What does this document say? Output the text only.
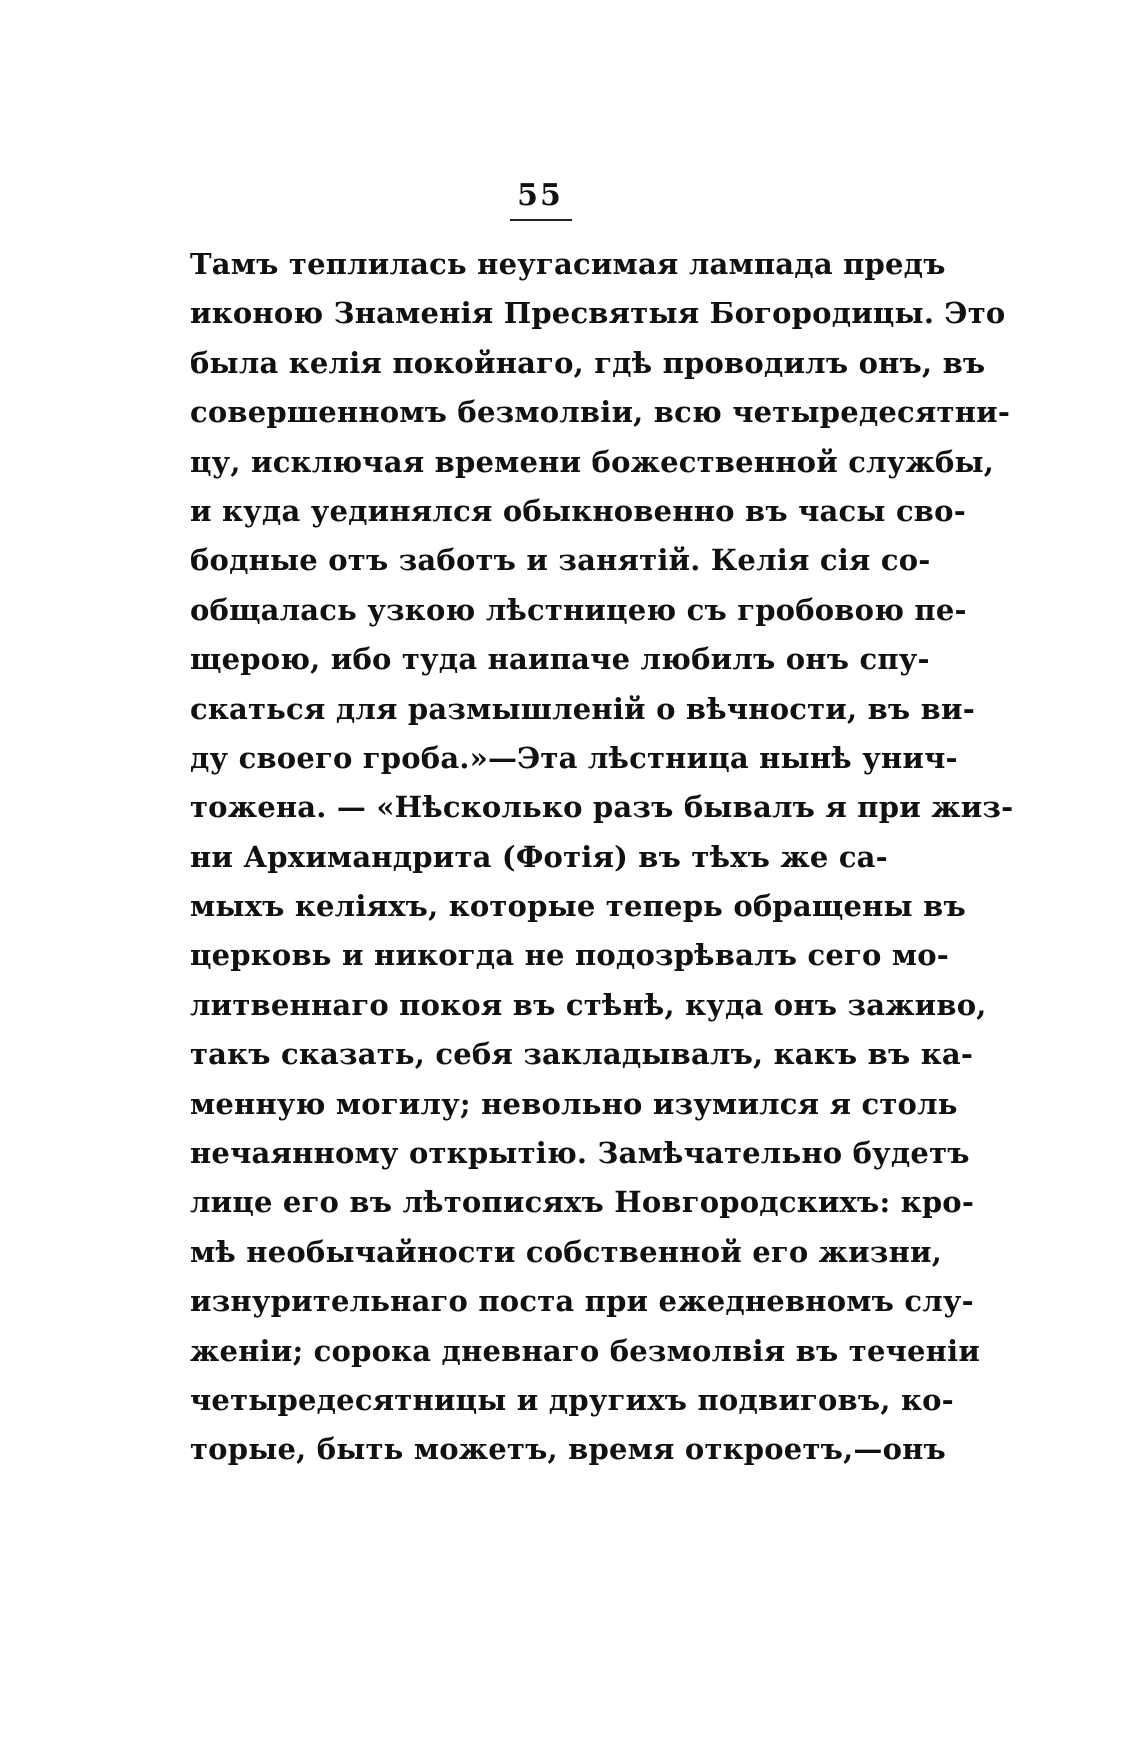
55
Тамъ теплилась неугасимая лампада предъ
иконою Знаменія Пресвятыя Богородицы. Это
была келія покойнаго, гдѣ проводилъ онъ, въ
совершенномъ безмолвіи, всю четыредесятни-
цу, исключая времени божественной службы,
и куда уединялся обыкновенно въ часы сво-
бодные отъ заботъ и занятій. Келія сія со-
общалась узкою лѣстницею съ гробовою пе-
щерою, ибо туда наипаче любилъ онъ спу-
скаться для размышленій о вѣчности, въ ви-
ду своего гроба.»—Эта лѣстница нынѣ унич-
тожена. — «Нѣсколько разъ бывалъ я при жиз-
ни Архимандрита (Фотія) въ тѣхъ же са-
мыхъ келіяхъ, которые теперь обращены въ
церковь и никогда не подозрѣвалъ сего мо-
литвеннаго покоя въ стѣнѣ, куда онъ заживо,
такъ сказать, себя закладывалъ, какъ въ ка-
менную могилу; невольно изумился я столь
нечаянному открытію. Замѣчательно будетъ
лице его въ лѣтописяхъ Новгородскихъ: кро-
мѣ необычайности собственной его жизни,
изнурительнаго поста при ежедневномъ слу-
женіи; сорока дневнаго безмолвія въ теченіи
четыредесятницы и другихъ подвиговъ, ко-
торые, быть можетъ, время откроетъ,—онъ
